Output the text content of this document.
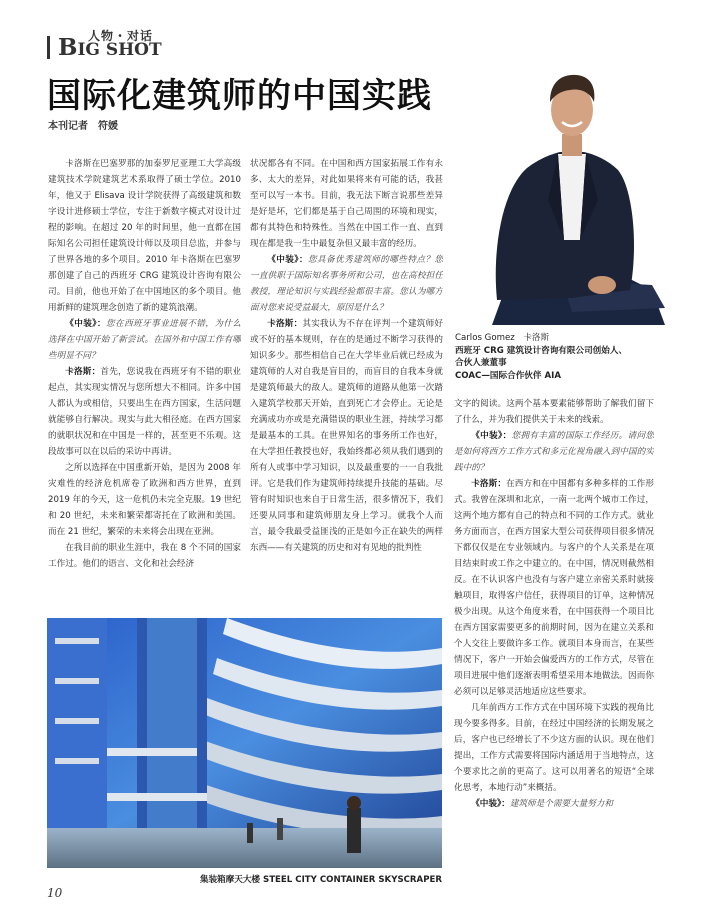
人物・对话
BIG SHOT
国际化建筑师的中国实践
本刊记者　符媛
Carlos Gomez　卡洛斯
西班牙 CRG 建筑设计咨询有限公司创始人、
合伙人兼董事
COAC—国际合作伙伴 AIA

卡洛斯在巴塞罗那的加泰罗尼亚理工大学高级建筑技术学院建筑艺术系取得了硕士学位。2010 年，他又于 Elisava 设计学院获得了高级建筑和数字设计进修硕士学位，专注于新数字模式对设计过程的影响。在超过 20 年的时间里，他一直都在国际知名公司担任建筑设计师以及项目总监，并参与了世界各地的多个项目。2010 年卡洛斯在巴塞罗那创建了自己的西班牙 CRG 建筑设计咨询有限公司。目前，他也开始了在中国地区的多个项目。他用新鲜的建筑理念创造了新的建筑浪潮。

《中装》：您在西班牙事业进展不错，为什么选择在中国开始了新尝试。在国外和中国工作有哪些明显不同？

卡洛斯：首先，您说我在西班牙有不错的职业起点，其实现实情况与您所想大不相同。许多中国人都认为或相信，只要出生在西方国家，生活问题就能够自行解决。现实与此大相径庭。在西方国家的就职状况和在中国是一样的，甚至更不乐观。这段故事可以在以后的采访中再讲。

之所以选择在中国重新开始，是因为 2008 年灾难性的经济危机席卷了欧洲和西方世界，直到 2019 年的今天，这一危机仍未完全克服。19 世纪和 20 世纪，未来和繁荣都寄托在了欧洲和美国。而在 21 世纪，繁荣的未来将会出现在亚洲。

在我目前的职业生涯中，我在 8 个不同的国家工作过。他们的语言、文化和社会经济

状况都各有不同。在中国和西方国家拓展工作有永多、太大的差异，对此如果将来有可能的话，我甚至可以写一本书。目前，我无法下断言说那些差异是好是坏，它们都是基于自己周围的环境和现实，都有其特色和特殊性。当然在中国工作一直、直到现在都是我一生中最复杂但又最丰富的经历。

《中装》：您具备优秀建筑师的哪些特点？您一直供职于国际知名事务所和公司，也在高校担任教授，理论知识与实践经验都很丰富。您认为哪方面对您来说受益最大，原因是什么？

卡洛斯：其实我认为不存在评判一个建筑师好或不好的基本规则，存在的是通过不断学习获得的知识多少。那些相信自己在大学毕业后就已经成为建筑师的人对自我是盲目的，而盲目的自我本身就是建筑师最大的敌人。建筑师的道路从他第一次踏入建筑学校那天开始，直到死亡才会停止。无论是充满成功亦或是充满错误的职业生涯，持续学习都是最基本的工具。在世界知名的事务所工作也好，在大学担任教授也好，我始终都必须从我们遇到的所有人或事中学习知识，以及最重要的一一自我批评。它是我们作为建筑师持续提升技能的基础。尽管有时知识也来自于日常生活，很多情况下，我们还要从同事和建筑师朋友身上学习。就我个人而言，最令我最受益匪浅的正是如今正在缺失的两样东西——有关建筑的历史和对有见地的批判性

文字的阅读。这两个基本要素能够帮助了解我们留下了什么，并为我们提供关于未来的线索。

《中装》：您拥有丰富的国际工作经历。请问您是如何将西方工作方式和多元化视角融入到中国的实践中的？

卡洛斯：在西方和在中国都有多种多样的工作形式。我曾在深圳和北京，一南一北两个城市工作过，这两个地方都有自己的特点和不同的工作方式。就业务方面而言，在西方国家大型公司获得项目很多情况下都仅仅是在专业领域内。与客户的个人关系是在项目结束时或工作之中建立的。在中国，情况则截然相反。在不认识客户也没有与客户建立亲密关系时就接触项目，取得客户信任，获得项目的订单，这种情况极少出现。从这个角度来看，在中国获得一个项目比在西方国家需要更多的前期时间，因为在建立关系和个人交往上要做许多工作。就项目本身而言，在某些情况下，客户一开始会偏爱西方的工作方式，尽管在项目进展中他们逐渐表明希望采用本地做法。因而你必须可以足够灵活地适应这些要求。

几年前西方工作方式在中国环境下实践的视角比现今要多得多。目前，在经过中国经济的长期发展之后，客户也已经增长了不少这方面的认识。现在他们提出，工作方式需要将国际内涵适用于当地特点，这个要求比之前的更高了。这可以用著名的短语“全球化思考，本地行动”来概括。

《中装》：建筑师是个需要大量努力和

集装箱摩天大楼 STEEL CITY CONTAINER SKYSCRAPER
10
